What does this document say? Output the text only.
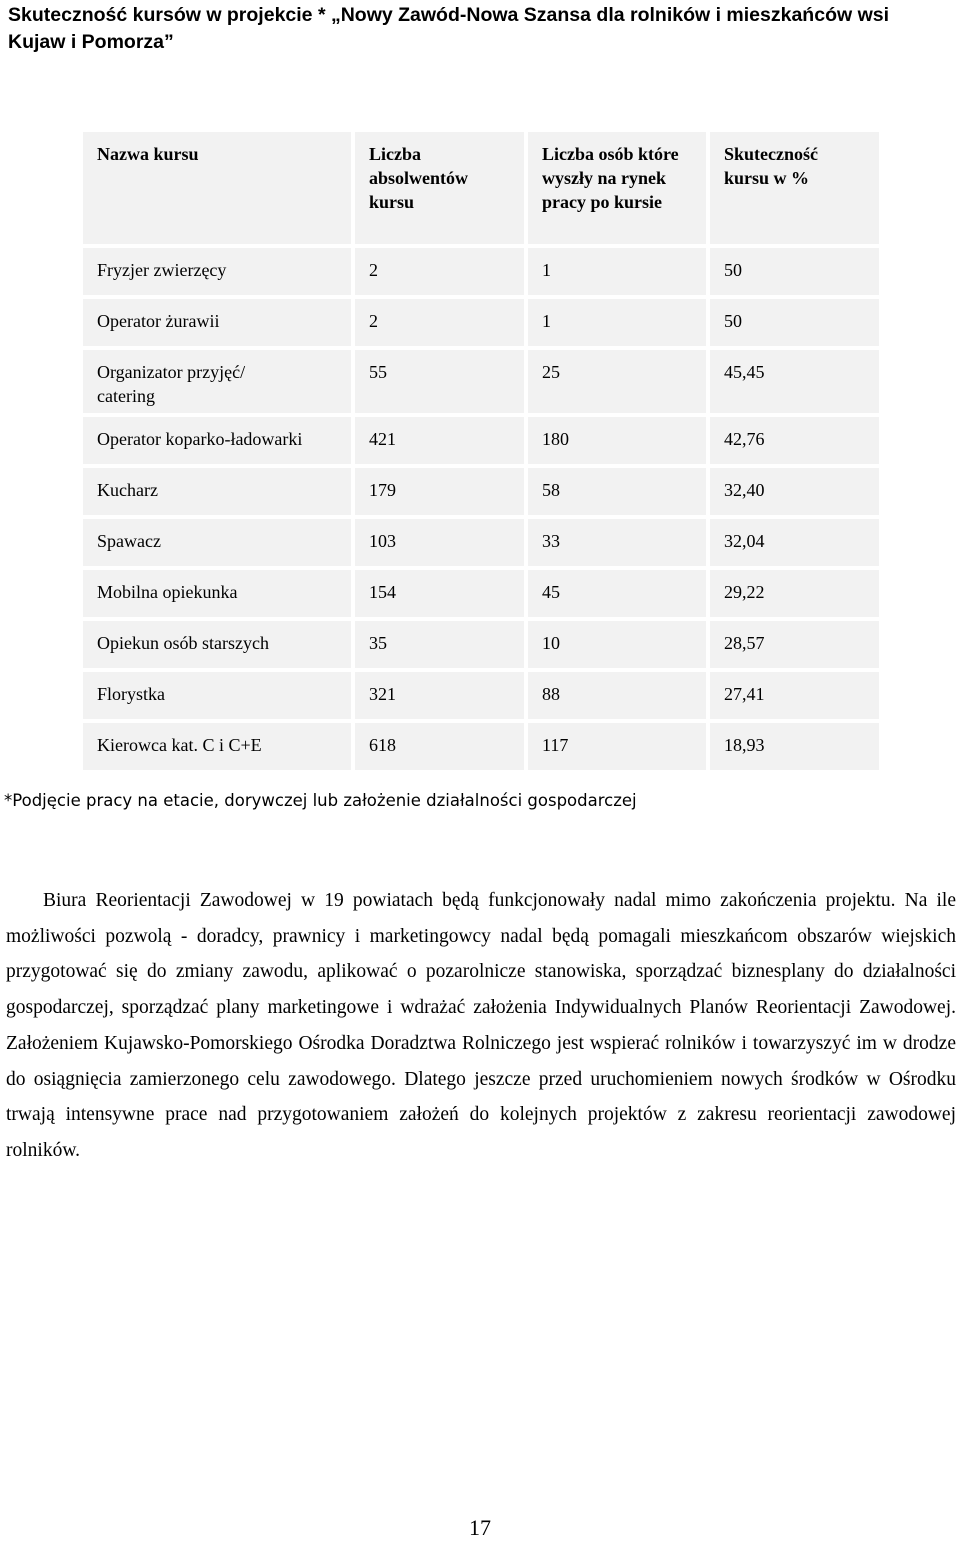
Skuteczność kursów w projekcie * „Nowy Zawód-Nowa Szansa dla rolników i mieszkańców wsi Kujaw i Pomorza”
Nazwa kursu	Liczba absolwentów kursu	Liczba osób które wyszły na rynek pracy po kursie	Skuteczność kursu w %
Fryzjer zwierzęcy	2	1	50
Operator żurawii	2	1	50
Organizator przyjęć/ catering	55	25	45,45
Operator koparko-ładowarki	421	180	42,76
Kucharz	179	58	32,40
Spawacz	103	33	32,04
Mobilna opiekunka	154	45	29,22
Opiekun osób starszych	35	10	28,57
Florystka	321	88	27,41
Kierowca kat. C i C+E	618	117	18,93
*Podjęcie pracy na etacie, dorywczej lub założenie działalności gospodarczej

Biura Reorientacji Zawodowej w 19 powiatach będą funkcjonowały nadal mimo zakończenia projektu. Na ile możliwości pozwolą - doradcy, prawnicy i marketingowcy nadal będą pomagali mieszkańcom obszarów wiejskich przygotować się do zmiany zawodu, aplikować o pozarolnicze stanowiska, sporządzać biznesplany do działalności gospodarczej, sporządzać plany marketingowe i wdrażać założenia Indywidualnych Planów Reorientacji Zawodowej. Założeniem Kujawsko-Pomorskiego Ośrodka Doradztwa Rolniczego jest wspierać rolników i towarzyszyć im w drodze do osiągnięcia zamierzonego celu zawodowego. Dlatego jeszcze przed uruchomieniem nowych środków w Ośrodku trwają intensywne prace nad przygotowaniem założeń do kolejnych projektów z zakresu reorientacji zawodowej rolników.

17
